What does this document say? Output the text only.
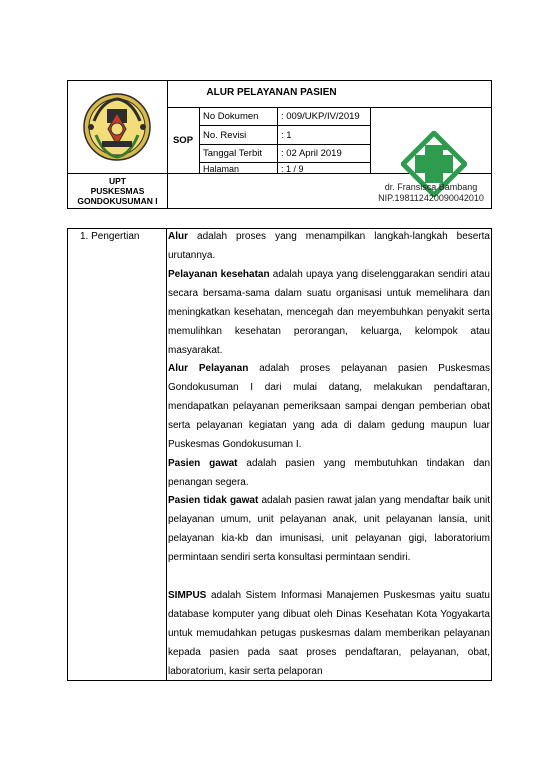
ALUR PELAYANAN PASIEN
SOP
No Dokumen : 009/UKP/IV/2019
No. Revisi	: 1
Tanggal Terbit : 02 April 2019
Halaman	: 1 / 9
UPT
PUSKESMAS
GONDOKUSUMAN I
dr. Fransisca Bambang
NIP.198112420090042010
1. Pengertian	Alur adalah proses yang menampilkan langkah-langkah beserta urutannya.

Pelayanan kesehatan adalah upaya yang diselenggarakan sendiri atau secara bersama-sama dalam suatu organisasi untuk memelihara dan meningkatkan kesehatan, mencegah dan meyembuhkan penyakit serta memulihkan kesehatan perorangan, keluarga, kelompok atau masyarakat.

Alur Pelayanan adalah proses pelayanan pasien Puskesmas Gondokusuman I dari mulai datang, melakukan pendaftaran, mendapatkan pelayanan pemeriksaan sampai dengan pemberian obat serta pelayanan kegiatan yang ada di dalam gedung maupun luar Puskesmas Gondokusuman I.

Pasien gawat adalah pasien yang membutuhkan tindakan dan penangan segera.

Pasien tidak gawat adalah pasien rawat jalan yang mendaftar baik unit pelayanan umum, unit pelayanan anak, unit pelayanan lansia, unit pelayanan kia-kb dan imunisasi, unit pelayanan gigi, laboratorium permintaan sendiri serta konsultasi permintaan sendiri.

SIMPUS adalah Sistem Informasi Manajemen Puskesmas yaitu suatu database komputer yang dibuat oleh Dinas Kesehatan Kota Yogyakarta untuk memudahkan petugas puskesmas dalam memberikan pelayanan kepada pasien pada saat proses pendaftaran, pelayanan, obat, laboratorium, kasir serta pelaporan
